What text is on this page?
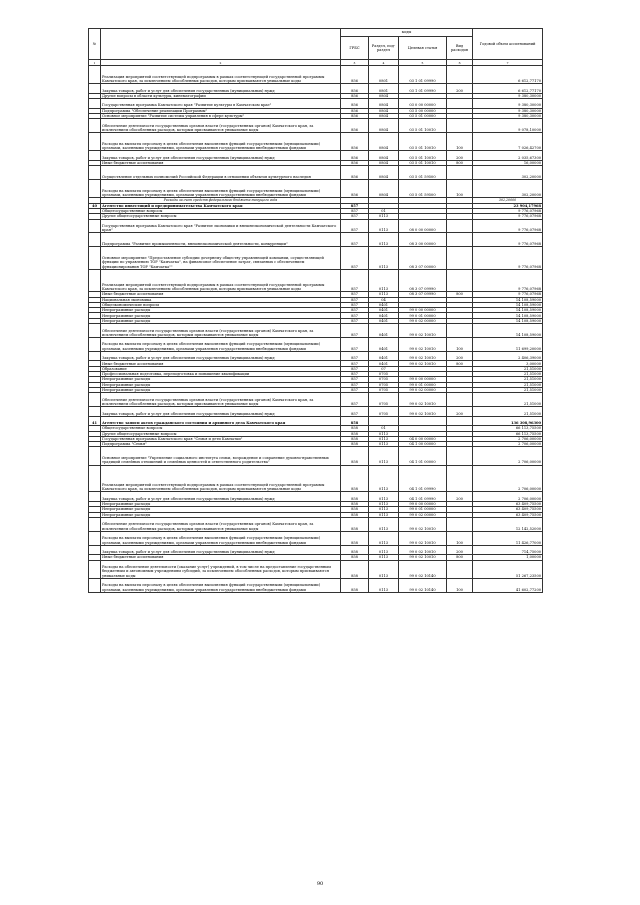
№		коды				Годовой объем ассигнований
		ГРБС	Раздел, под-раздел	Целевая статья	Вид расходов	
1	2	3	4	5	6	7
	Реализация мероприятий соответствующей подпрограммы в рамках соответствующей государственной программы Камчатского края, за исключением обособленных расходов, которым присваиваются уникальные коды	856	0801	03 1 01 09990		6 612,77170
	Закупка товаров, работ и услуг для обеспечения государственных (муниципальных) нужд	856	0801	03 1 01 09990	200	6 612,77170
	Другие вопросы в области культуры, кинематографии	856	0804			9 380,30000
	Государственная программа Камчатского края "Развитие культуры в Камчатском крае"	856	0804	03 0 00 00000		9 380,30000
	Подпрограмма "Обеспечение реализации Программы"	856	0804	03 5 00 00000		9 380,30000
	Основное мероприятие "Развитие системы управления в сфере культуры"	856	0804	03 5 01 00000		9 380,30000
	Обеспечение деятельности государственных органов власти (государственных органов) Камчатского края, за исключением обособленных расходов, которым присваиваются уникальные коды	856	0804	03 5 01 10010		9 078,10000
	Расходы на выплаты персоналу в целях обеспечения выполнения функций государственными (муниципальными) органами, казенными учреждениями, органами управления государственными внебюджетными фондами	856	0804	03 5 01 10010	100	7 026,42700
	Закупка товаров, работ и услуг для обеспечения государственных (муниципальных) нужд	856	0804	03 5 01 10010	200	2 035,67300
	Иные бюджетные ассигнования	856	0804	03 5 01 10010	800	16,00000
	Осуществление отдельных полномочий Российской Федерации в отношении объектов культурного наследия	856	0804	03 5 01 59500		302,20000
	Расходы на выплаты персоналу в целях обеспечения выполнения функций государственными (муниципальными) органами, казенными учреждениями, органами управления государственными внебюджетными фондами	856	0804	03 5 01 59500	100	302,20000
	Расходы за счет средств федерального бюджета текущего года					302,20000
40	Агентство инвестиций и предпринимательства Камчатского края	857				23 904,17968
	Общегосударственные вопросы	857	01			9 776,07968
	Другие общегосударственные вопросы	857	0113			9 776,07968
	Государственная программа Камчатского края "Развитие экономики и внешнеэкономической деятельности Камчатского края"	857	0113	08 0 00 00000		9 776,07968
	Подпрограмма "Развитие промышленности, внешнеэкономической деятельности, конкуренции"	857	0113	08 3 00 00000		9 776,07968
	Основное мероприятие "Предоставление субсидии дочернему обществу управляющей компании, осуществляющей функции по управлению ТОР "Камчатка", на финансовое обеспечение затрат, связанных с обеспечением функционирования ТОР "Камчатка""	857	0113	08 3 07 00000		9 776,07968
	Реализация мероприятий соответствующей подпрограммы в рамках соответствующей государственной программы Камчатского края, за исключением обособленных расходов, которым присваиваются уникальные коды	857	0113	08 3 07 09990		9 776,07968
	Иные бюджетные ассигнования	857	0113	08 3 07 09990	800	9 776,07968
	Национальная экономика	857	04			14 108,59000
	Общеэкономические вопросы	857	0401			14 108,59000
	Непрограммные расходы	857	0401	99 0 00 00000		14 108,59000
	Непрограммные расходы	857	0401	99 0 01 00000		14 108,59000
	Непрограммные расходы	857	0401	99 0 02 00000		14 108,59000
	Обеспечение деятельности государственных органов власти (государственных органов) Камчатского края, за исключением обособленных расходов, которым присваиваются уникальные коды	857	0401	99 0 02 10010		14 108,59000
	Расходы на выплаты персоналу в целях обеспечения выполнения функций государственными (муниципальными) органами, казенными учреждениями, органами управления государственными внебюджетными фондами	857	0401	99 0 02 10010	100	11 699,20000
	Закупка товаров, работ и услуг для обеспечения государственных (муниципальных) нужд	857	0401	99 0 02 10010	200	2 406,39000
	Иные бюджетные ассигнования	857	0401	99 0 02 10010	800	3,00000
	Образование	857	07			21,51000
	Профессиональная подготовка, переподготовка и повышение квалификации	857	0705			21,51000
	Непрограммные расходы	857	0705	99 0 00 00000		21,51000
	Непрограммные расходы	857	0705	99 0 01 00000		21,51000
	Непрограммные расходы	857	0705	99 0 02 00000		21,51000
	Обеспечение деятельности государственных органов власти (государственных органов) Камчатского края, за исключением обособленных расходов, которым присваиваются уникальные коды	857	0705	99 0 02 10010		21,51000
	Закупка товаров, работ и услуг для обеспечения государственных (муниципальных) нужд	857	0705	99 0 02 10010	200	21,51000
41	Агентство записи актов гражданского состояния и архивного дела Камчатского края	858				136 308,96300
	Общегосударственные вопросы	858	01			66 113,75500
	Другие общегосударственные вопросы	858	0113			66 113,75500
	Государственная программа Камчатского края "Семья и дети Камчатки"	858	0113	04 0 00 00000		2 706,00000
	Подпрограмма "Семья"	858	0113	04 1 00 00000		2 706,00000
	Основное мероприятие "Укрепление социального института семьи, возрождение и сохранение духовно-нравственных традиций семейных отношений и семейных ценностей и ответственного родительства"	858	0113	04 1 01 00000		2 706,00000
	Реализация мероприятий соответствующей подпрограммы в рамках соответствующей государственной программы Камчатского края, за исключением обособленных расходов, которым присваиваются уникальные коды	858	0113	04 1 01 09990		2 706,00000
	Закупка товаров, работ и услуг для обеспечения государственных (муниципальных) нужд	858	0113	04 1 01 09990	200	2 706,00000
	Непрограммные расходы	858	0113	99 0 00 00000		63 409,75500
	Непрограммные расходы	858	0113	99 0 01 00000		63 409,75500
	Непрограммные расходы	858	0113	99 0 02 00000		63 409,75500
	Обеспечение деятельности государственных органов власти (государственных органов) Камчатского края, за исключением обособленных расходов, которым присваиваются уникальные коды	858	0113	99 0 02 10010		12 142,52000
	Расходы на выплаты персоналу в целях обеспечения выполнения функций государственными (муниципальными) органами, казенными учреждениями, органами управления государственными внебюджетными фондами	858	0113	99 0 02 10010	100	11 426,77000
	Закупка товаров, работ и услуг для обеспечения государственных (муниципальных) нужд	858	0113	99 0 02 10010	200	714,75000
	Иные бюджетные ассигнования	858	0113	99 0 02 10010	800	1,00000
	Расходы на обеспечение деятельности (оказание услуг) учреждений, в том числе на предоставление государственным бюджетным и автономным учреждениям субсидий, за исключением обособленных расходов, которым присваиваются уникальные коды	858	0113	99 0 02 10140		51 267,23500
	Расходы на выплаты персоналу в целях обеспечения выполнения функций государственными (муниципальными) органами, казенными учреждениями, органами управления государственными внебюджетными фондами	858	0113	99 0 02 10140	100	41 602,77200
90
